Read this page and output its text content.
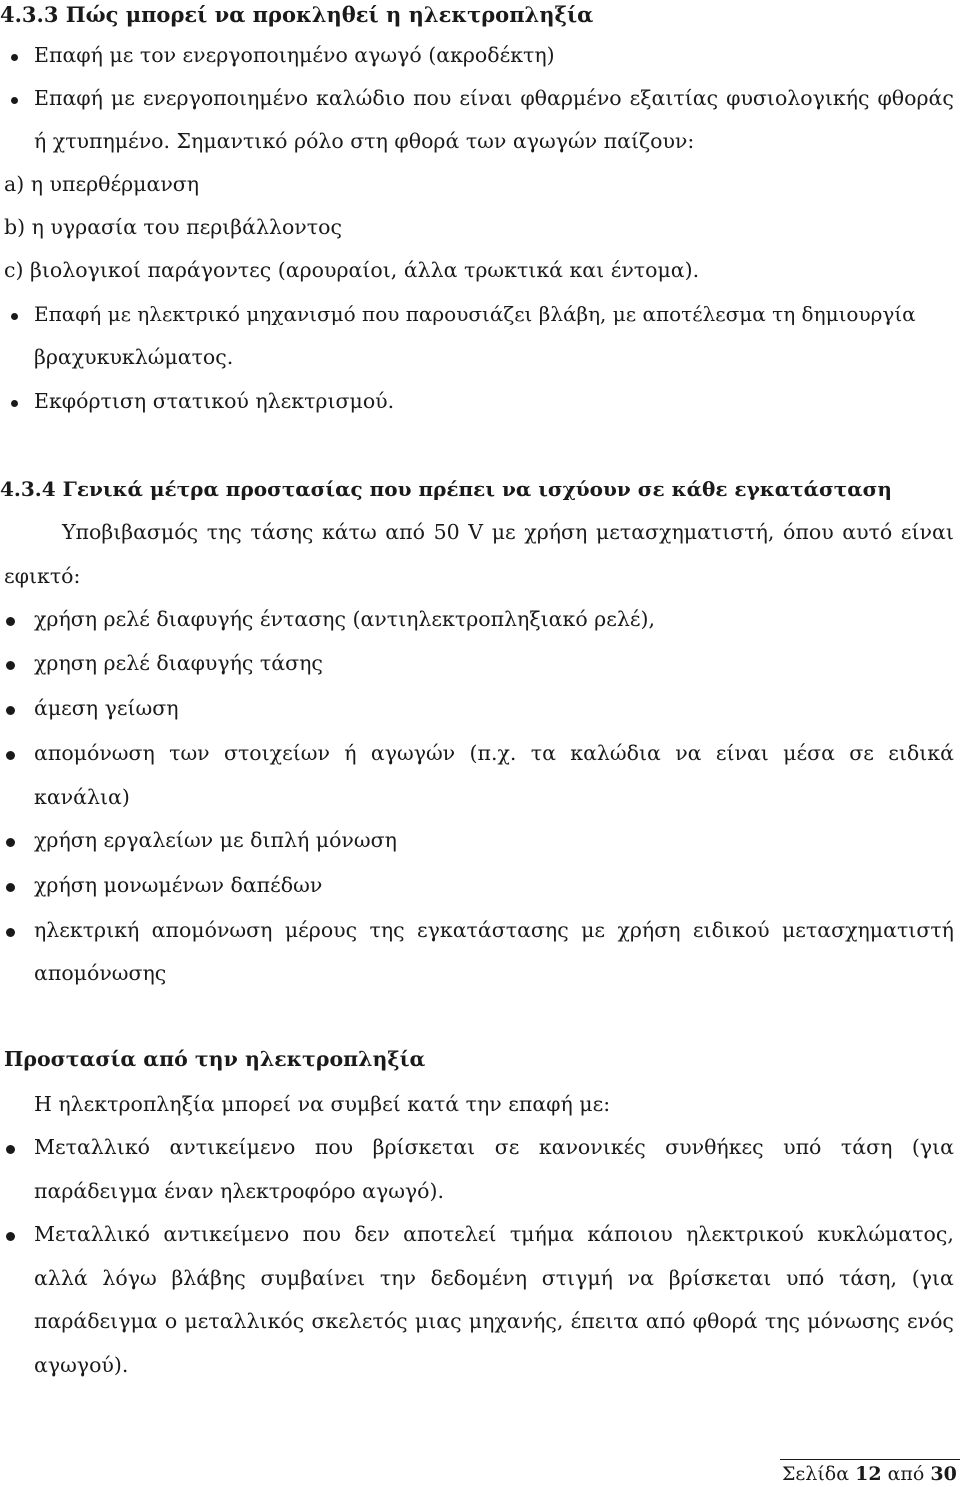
4.3.3 Πώς μπορεί να προκληθεί η ηλεκτροπληξία

Επαφή με τον ενεργοποιημένο αγωγό (ακροδέκτη)

Επαφή με ενεργοποιημένο καλώδιο που είναι φθαρμένο εξαιτίας φυσιολογικής φθοράς

ή χτυπημένο. Σημαντικό ρόλο στη φθορά των αγωγών παίζουν:

a) η υπερθέρμανση

b) η υγρασία του περιβάλλοντος

c) βιολογικοί παράγοντες (αρουραίοι, άλλα τρωκτικά και έντομα).

Επαφή με ηλεκτρικό μηχανισμό που παρουσιάζει βλάβη, με αποτέλεσμα τη δημιουργία

βραχυκυκλώματος.

Εκφόρτιση στατικού ηλεκτρισμού.

4.3.4 Γενικά μέτρα προστασίας που πρέπει να ισχύουν σε κάθε εγκατάσταση

Υποβιβασμός της τάσης κάτω από 50 V με χρήση μετασχηματιστή, όπου αυτό είναι

εφικτό:

χρήση ρελέ διαφυγής έντασης (αντιηλεκτροπληξιακό ρελέ),

χρηση ρελέ διαφυγής τάσης

άμεση γείωση

απομόνωση των στοιχείων ή αγωγών (π.χ. τα καλώδια να είναι μέσα σε ειδικά

κανάλια)

χρήση εργαλείων με διπλή μόνωση

χρήση μονωμένων δαπέδων

ηλεκτρική απομόνωση μέρους της εγκατάστασης με χρήση ειδικού μετασχηματιστή

απομόνωσης

Προστασία από την ηλεκτροπληξία

Η ηλεκτροπληξία μπορεί να συμβεί κατά την επαφή με:

Μεταλλικό αντικείμενο που βρίσκεται σε κανονικές συνθήκες υπό τάση (για

παράδειγμα έναν ηλεκτροφόρο αγωγό).

Μεταλλικό αντικείμενο που δεν αποτελεί τμήμα κάποιου ηλεκτρικού κυκλώματος,
αλλά λόγω βλάβης συμβαίνει την δεδομένη στιγμή να βρίσκεται υπό τάση, (για
παράδειγμα ο μεταλλικός σκελετός μιας μηχανής, έπειτα από φθορά της μόνωσης ενός

αγωγού).

Σελίδα 12 από 30
